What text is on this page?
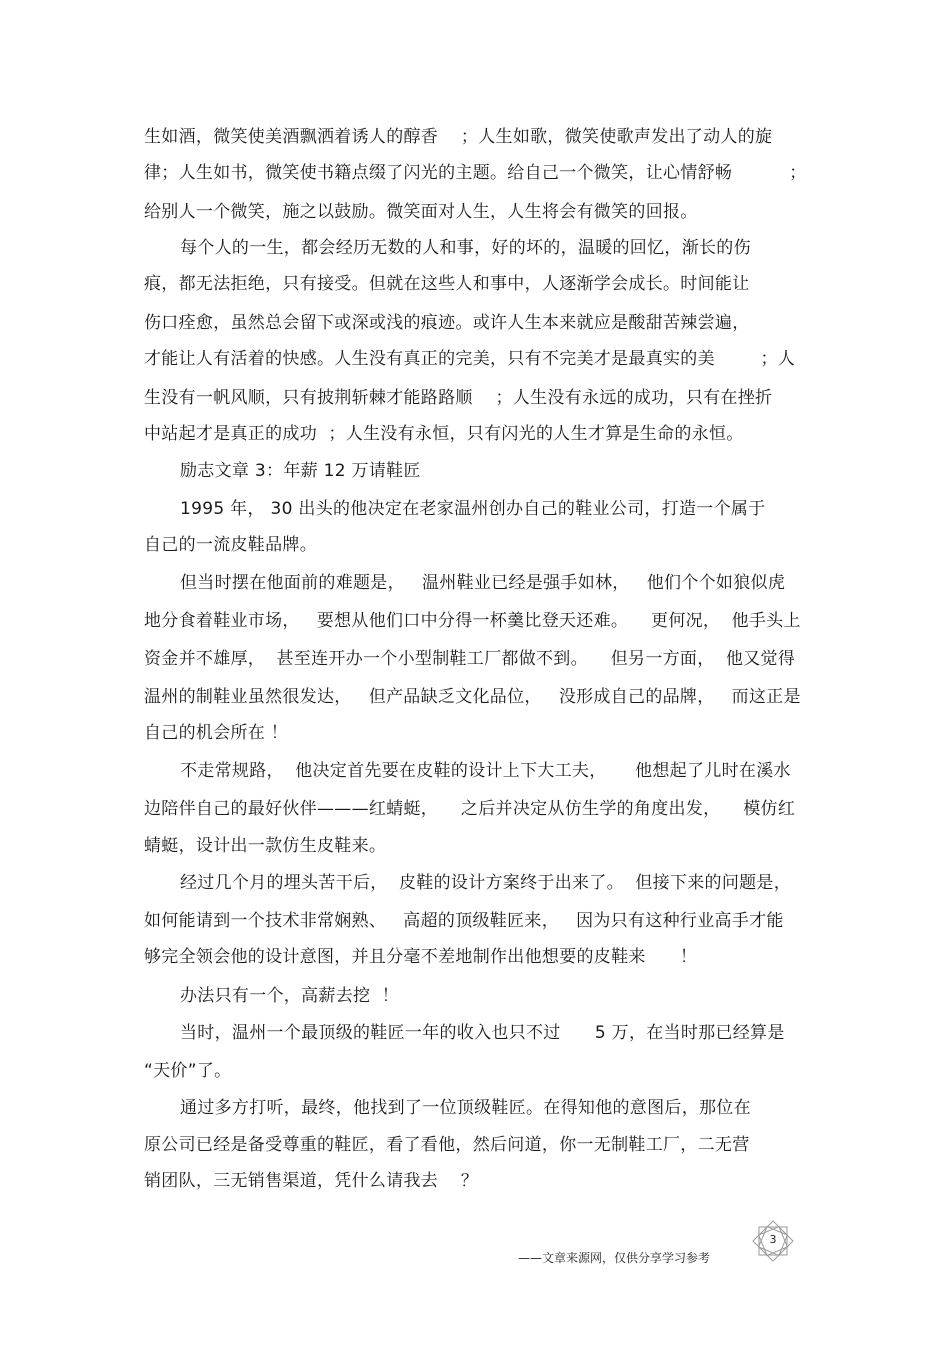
生如酒，微笑使美酒飘洒着诱人的醇香    ；人生如歌，微笑使歌声发出了动人的旋
律；人生如书，微笑使书籍点缀了闪光的主题。给自己一个微笑，让心情舒畅          ；
给别人一个微笑，施之以鼓励。微笑面对人生，人生将会有微笑的回报。
每个人的一生，都会经历无数的人和事，好的坏的，温暖的回忆，渐长的伤
痕，都无法拒绝，只有接受。但就在这些人和事中，人逐渐学会成长。时间能让
伤口痊愈，虽然总会留下或深或浅的痕迹。或许人生本来就应是酸甜苦辣尝遍，
才能让人有活着的快感。人生没有真正的完美，只有不完美才是最真实的美        ；人
生没有一帆风顺，只有披荆斩棘才能路路顺    ；人生没有永远的成功，只有在挫折
中站起才是真正的成功  ；人生没有永恒，只有闪光的人生才算是生命的永恒。
励志文章 3：年薪 12 万请鞋匠
1995 年， 30 出头的他决定在老家温州创办自己的鞋业公司，打造一个属于
自己的一流皮鞋品牌。
但当时摆在他面前的难题是，   温州鞋业已经是强手如林，   他们个个如狼似虎
地分食着鞋业市场，   要想从他们口中分得一杯羹比登天还难。    更何况，  他手头上
资金并不雄厚，  甚至连开办一个小型制鞋工厂都做不到。    但另一方面，  他又觉得
温州的制鞋业虽然很发达，   但产品缺乏文化品位，   没形成自己的品牌，   而这正是
自己的机会所在 ！
不走常规路，  他决定首先要在皮鞋的设计上下大工夫，     他想起了儿时在溪水
边陪伴自己的最好伙伴———红蜻蜓，    之后并决定从仿生学的角度出发，    模仿红
蜻蜓，设计出一款仿生皮鞋来。
经过几个月的埋头苦干后，  皮鞋的设计方案终于出来了。  但接下来的问题是，
如何能请到一个技术非常娴熟、   高超的顶级鞋匠来，   因为只有这种行业高手才能
够完全领会他的设计意图，并且分毫不差地制作出他想要的皮鞋来      ！
办法只有一个，高薪去挖  ！
当时，温州一个最顶级的鞋匠一年的收入也只不过      5 万，在当时那已经算是
“天价”了。
通过多方打听，最终，他找到了一位顶级鞋匠。在得知他的意图后，那位在
原公司已经是备受尊重的鞋匠，看了看他，然后问道，你一无制鞋工厂，二无营
销团队，三无销售渠道，凭什么请我去    ？
3
——文章来源网，仅供分享学习参考
